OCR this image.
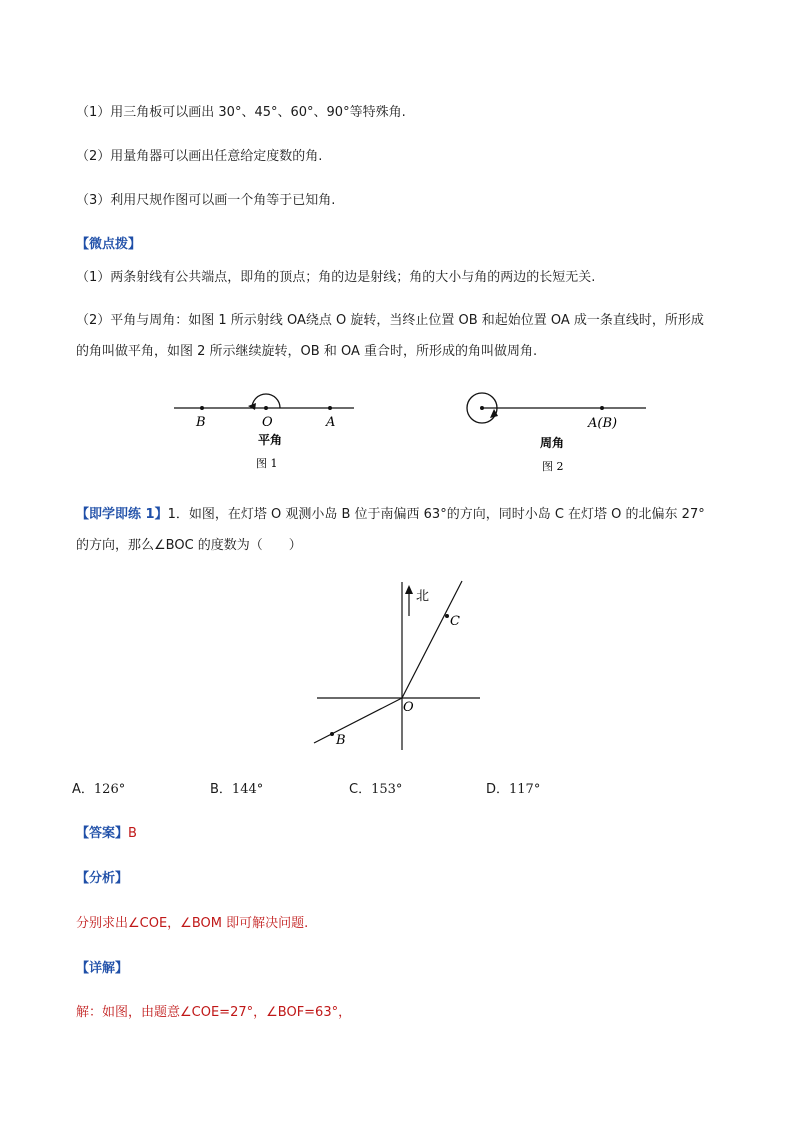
（1）用三角板可以画出 30°、45°、60°、90°等特殊角.
（2）用量角器可以画出任意给定度数的角.
（3）利用尺规作图可以画一个角等于已知角.
【微点拨】
（1）两条射线有公共端点，即角的顶点；角的边是射线；角的大小与角的两边的长短无关.
（2）平角与周角：如图 1 所示射线 OA绕点 O 旋转，当终止位置 OB 和起始位置 OA 成一条直线时，所形成
的角叫做平角，如图 2 所示继续旋转，OB 和 OA 重合时，所形成的角叫做周角.
B	O	A
平角
图 1
A(B)
周角
图 2
【即学即练 1】1．如图，在灯塔 O 观测小岛 B 位于南偏西 63°的方向，同时小岛 C 在灯塔 O 的北偏东 27°
的方向，那么∠BOC 的度数为（　　）
北
C
O
B
A．126°	B．144°	C．153°	D．117°
【答案】B
【分析】
分别求出∠COE，∠BOM 即可解决问题.
【详解】
解：如图，由题意∠COE=27°，∠BOF=63°，
